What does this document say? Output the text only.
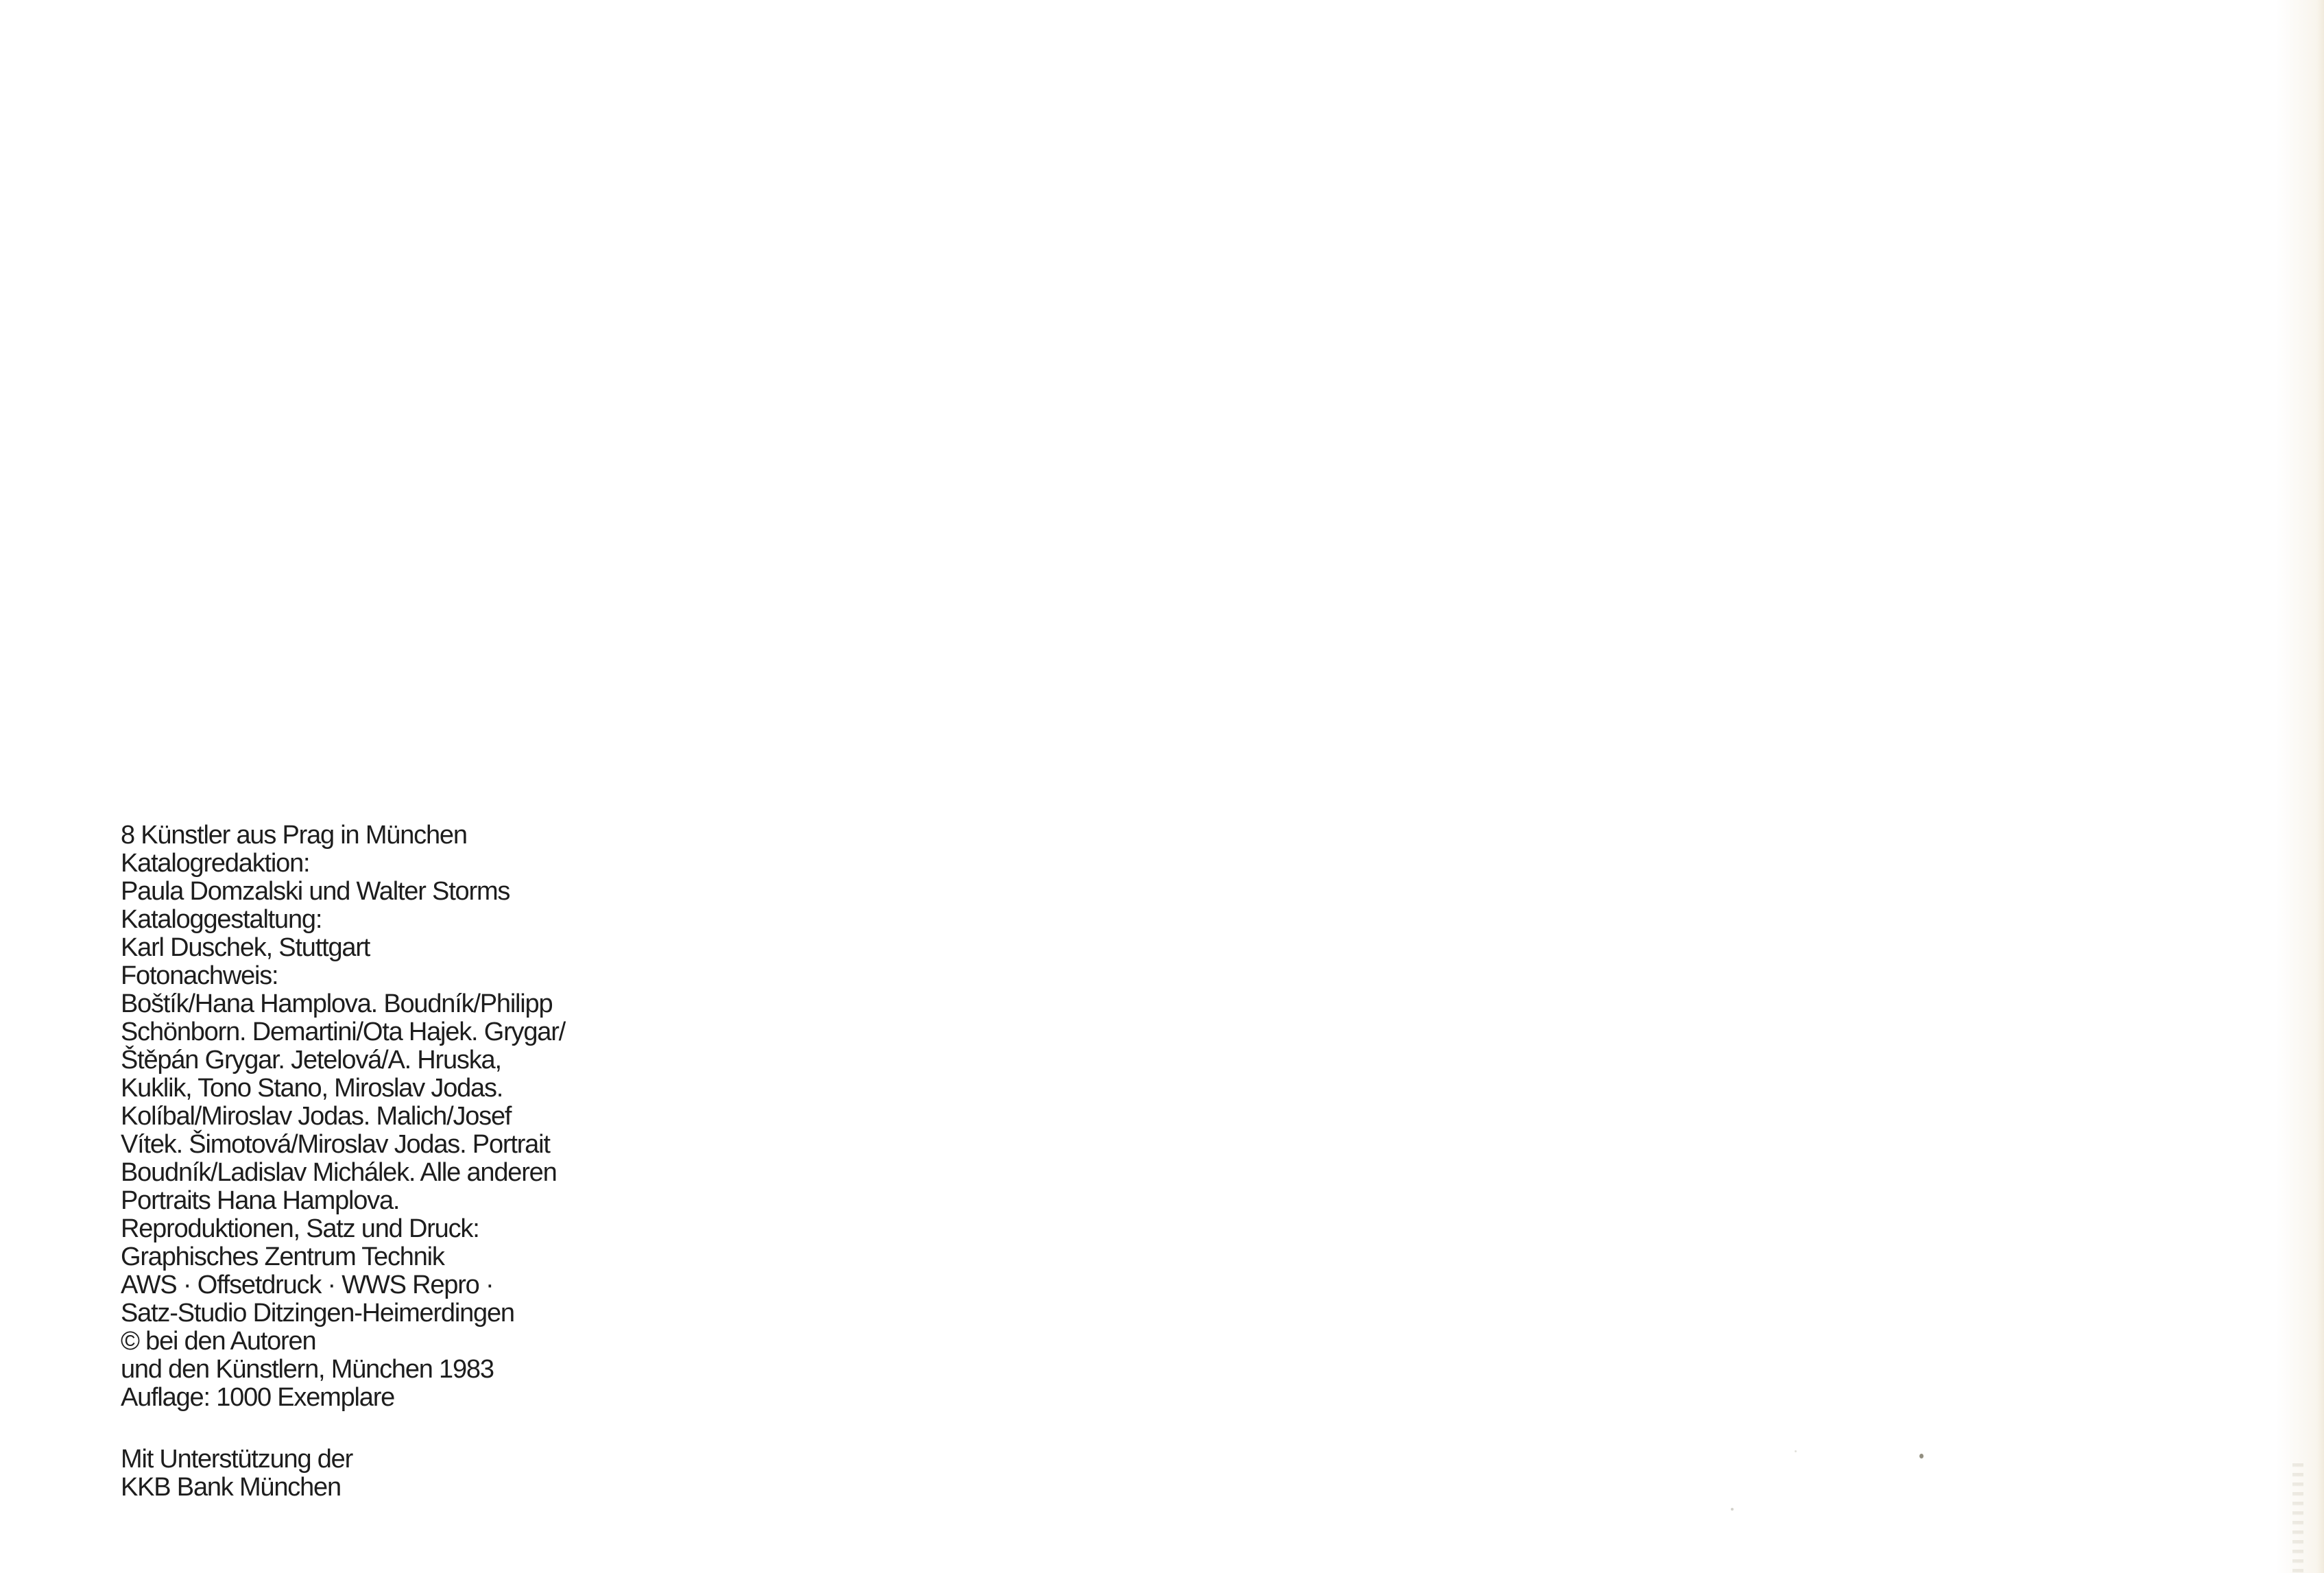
8 Künstler aus Prag in München
Katalogredaktion:
Paula Domzalski und Walter Storms
Kataloggestaltung:
Karl Duschek, Stuttgart
Fotonachweis:
Boštík/Hana Hamplova. Boudník/Philipp
Schönborn. Demartini/Ota Hajek. Grygar/
Štěpán Grygar. Jetelová/A. Hruska,
Kuklik, Tono Stano, Miroslav Jodas.
Kolíbal/Miroslav Jodas. Malich/Josef
Vítek. Šimotová/Miroslav Jodas. Portrait
Boudník/Ladislav Michálek. Alle anderen
Portraits Hana Hamplova.
Reproduktionen, Satz und Druck:
Graphisches Zentrum Technik
AWS · Offsetdruck · WWS Repro ·
Satz-Studio Ditzingen-Heimerdingen
© bei den Autoren
und den Künstlern, München 1983
Auflage: 1000 Exemplare
Mit Unterstützung der
KKB Bank München
